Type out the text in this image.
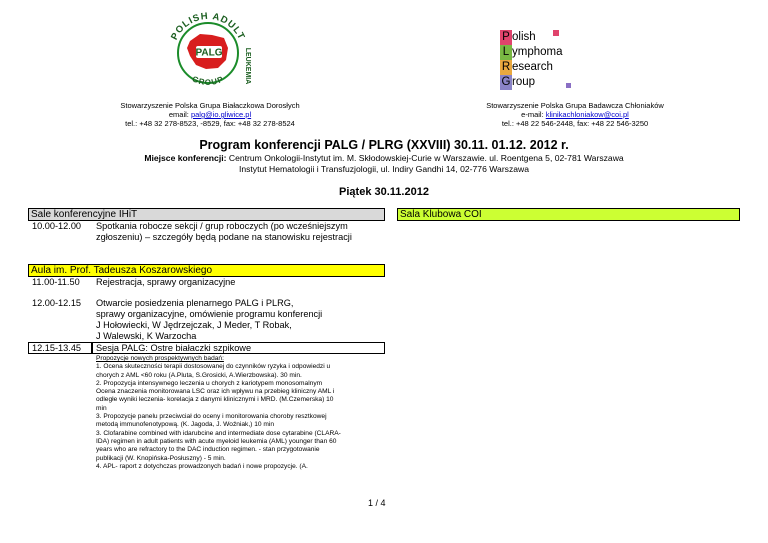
POLISH ADULT
GROUP	LEUKEMIA
PALG
P olish
L ymphoma
R esearch
G roup
Stowarzyszenie Polska Grupa Białaczkowa Dorosłych
email: palg@io.gliwice.pl
tel.: +48 32 278-8523, -8529, fax: +48 32 278-8524
Stowarzyszenie Polska Grupa Badawcza Chłoniaków
e-mail: klinikachloniakow@coi.pl
tel.: +48 22 546-2448, fax: +48 22 546-3250
Program konferencji PALG / PLRG (XXVIII) 30.11. 01.12. 2012 r.
Miejsce konferencji: Centrum Onkologii-Instytut im. M. Skłodowskiej-Curie w Warszawie. ul. Roentgena 5, 02-781 Warszawa
Instytut Hematologii i Transfuzjologii, ul. Indiry Gandhi 14, 02-776 Warszawa
Piątek 30.11.2012
Sale konferencyjne IHiT	Sala Klubowa COI
10.00-12.00 Spotkania robocze sekcji / grup roboczych (po wcześniejszym
zgłoszeniu) – szczegóły będą podane na stanowisku rejestracji
Aula im. Prof. Tadeusza Koszarowskiego
11.00-11.50 Rejestracja, sprawy organizacyjne
12.00-12.15 Otwarcie posiedzenia plenarnego PALG i PLRG,
sprawy organizacyjne, omówienie programu konferencji
J Hołowiecki, W Jędrzejczak, J Meder, T Robak,
J Walewski, K Warzocha
12.15-13.45	Sesja PALG: Ostre białaczki szpikowe
Propozycje nowych prospektywnych badań:
1. Ocena skuteczności terapii dostosowanej do czynników ryzyka i odpowiedzi u
chorych z AML <60 roku (A.Pluta, S.Grosicki, A.Wierzbowska). 30 min.
2. Propozycja intensywnego leczenia u chorych z kariotypem monosomalnym
Ocena znaczenia monitorowana LSC oraz ich wpływu na przebieg kliniczny AML i
odległe wyniki leczenia- korelacja z danymi klinicznymi i MRD. (M.Czemerska) 10
min
3. Propozycje panelu przeciwciał do oceny i monitorowania choroby resztkowej
metodą immunofenotypową. (K. Jagoda, J. Woźniak,) 10 min
3. Clofarabine combined with idarubcine and intermediate dose cytarabine (CLARA-
IDA) regimen in adult patients with acute myeloid leukemia (AML) younger than 60
years who are refractory to the DAC induction regimen. - stan przygotowanie
publikacji (W. Knopińska-Posłuszny) - 5 min.
4. APL- raport z dotychczas prowadzonych badań i nowe propozycje. (A.
1 / 4
